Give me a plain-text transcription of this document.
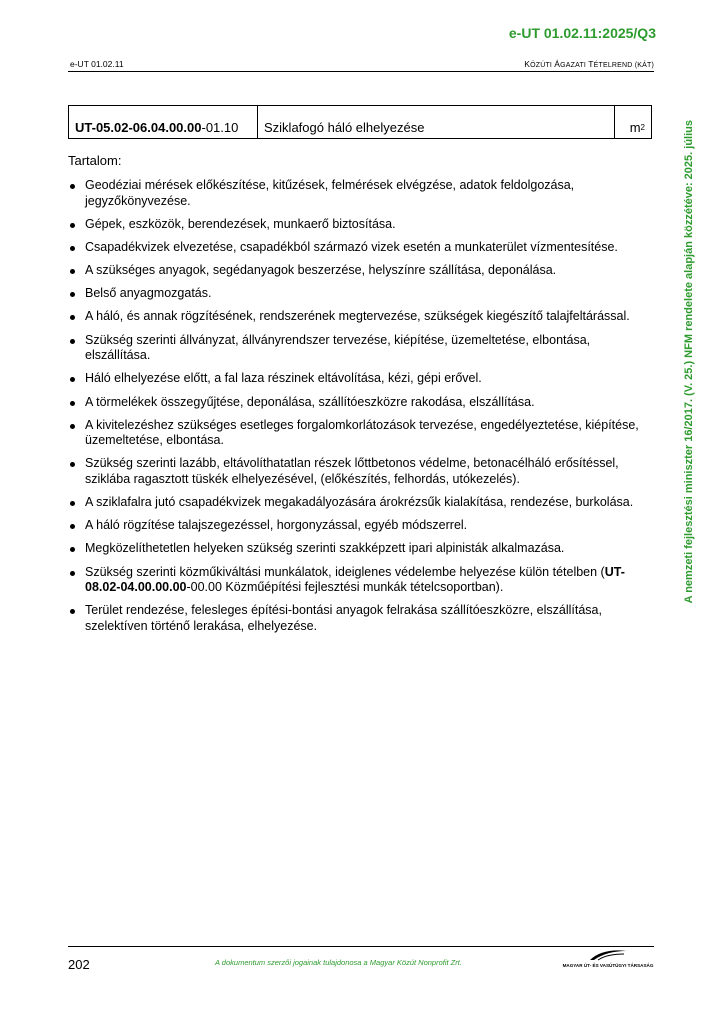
e-UT 01.02.11:2025/Q3
e-UT 01.02.11	KÖZÚTI ÁGAZATI TÉTELREND (KÁT)
UT-05.02-06.04.00.00 -01.10 Sziklafogó háló elhelyezése	m 2
Tartalom:
Geodéziai mérések előkészítése, kitűzések, felmérések elvégzése, adatok feldolgozása, jegyzőkönyvezése.
Gépek, eszközök, berendezések, munkaerő biztosítása.
Csapadékvizek elvezetése, csapadékból származó vizek esetén a munkaterület vízmentesítése.
A szükséges anyagok, segédanyagok beszerzése, helyszínre szállítása, deponálása.
Belső anyagmozgatás.
A háló, és annak rögzítésének, rendszerének megtervezése, szükségek kiegészítő talajfeltárással.
Szükség szerinti állványzat, állványrendszer tervezése, kiépítése, üzemeltetése, elbontása, elszállítása.
Háló elhelyezése előtt, a fal laza részinek eltávolítása, kézi, gépi erővel.
A törmelékek összegyűjtése, deponálása, szállítóeszközre rakodása, elszállítása.
A kivitelezéshez szükséges esetleges forgalomkorlátozások tervezése, engedélyeztetése, kiépítése, üzemeltetése, elbontása.
Szükség szerinti lazább, eltávolíthatatlan részek lőttbetonos védelme, betonacélháló erősítéssel, sziklába ragasztott tüskék elhelyezésével, (előkészítés, felhordás, utókezelés).
A sziklafalra jutó csapadékvizek megakadályozására árokrézsűk kialakítása, rendezése, burkolása.
A háló rögzítése talajszegezéssel, horgonyzással, egyéb módszerrel.
Megközelíthetetlen helyeken szükség szerinti szakképzett ipari alpinisták alkalmazása.
Szükség szerinti közműkiváltási munkálatok, ideiglenes védelembe helyezése külön tételben (UT-08.02-04.00.00.00-00.00 Közműépítési fejlesztési munkák tételcsoportban).
Terület rendezése, felesleges építési-bontási anyagok felrakása szállítóeszközre, elszállítása, szelektíven történő lerakása, elhelyezése.
A nemzeti fejlesztési miniszter 16/2017. (V. 25.) NFM rendelete alapján közzétéve: 2025. július
202	A dokumentum szerzői jogainak tulajdonosa a Magyar Közút Nonprofit Zrt.	MAGYAR ÚT- ÉS VASÚTÜGYI TÁRSASÁG
